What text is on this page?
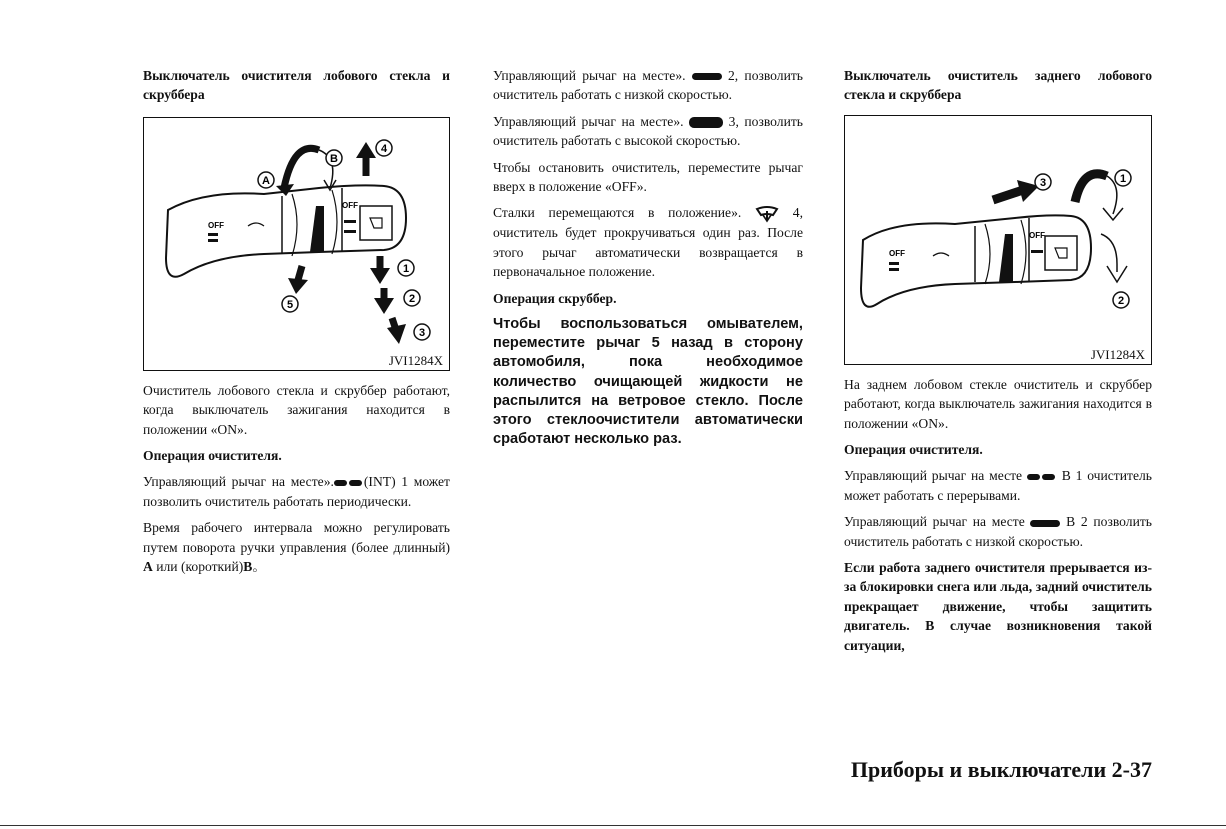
Выключатель очистителя лобового стекла и скруббера
OFF
OFF
A
B
4
1
2
3
5
JVI1284X

Очиститель лобового стекла и скруббер работают, когда выключатель зажигания находится в положении «ON».

Операция очистителя.

Управляющий рычаг на месте». (INT) 1 может позволить очиститель работать периодически.

Время рабочего интервала можно регулировать путем поворота ручки управления (более длинный) A или (короткий)B。

Управляющий рычаг на месте».	2, позволить очиститель работать с низкой скоростью.

Управляющий рычаг на месте».	3, позволить очиститель работать с высокой скоростью.

Чтобы остановить очиститель, переместите рычаг вверх в положение «OFF».

Сталки перемещаются в положение».	4, очиститель будет прокручиваться один раз. После этого рычаг автоматически возвращается в первоначальное положение.

Операция скруббер.

Чтобы воспользоваться омывателем, переместите рычаг 5 назад в сторону автомобиля, пока необходимое количество очищающей жидкости не распылится на ветровое стекло. После этого стеклоочистители автоматически сработают несколько раз.

Выключатель очиститель заднего лобового стекла и скруббера
OFF
OFF
3	1
2
JVI1284X

На заднем лобовом стекле очиститель и скруббер работают, когда выключатель зажигания находится в положении «ON».

Операция очистителя.

Управляющий рычаг на месте	В 1 очиститель может работать с перерывами.

Управляющий рычаг на месте	В 2 позволить очиститель работать с низкой скоростью.

Если работа заднего очистителя прерывается из-за блокировки снега или льда, задний очиститель прекращает движение, чтобы защитить двигатель. В случае возникновения такой ситуации,

Приборы и выключатели 2-37
